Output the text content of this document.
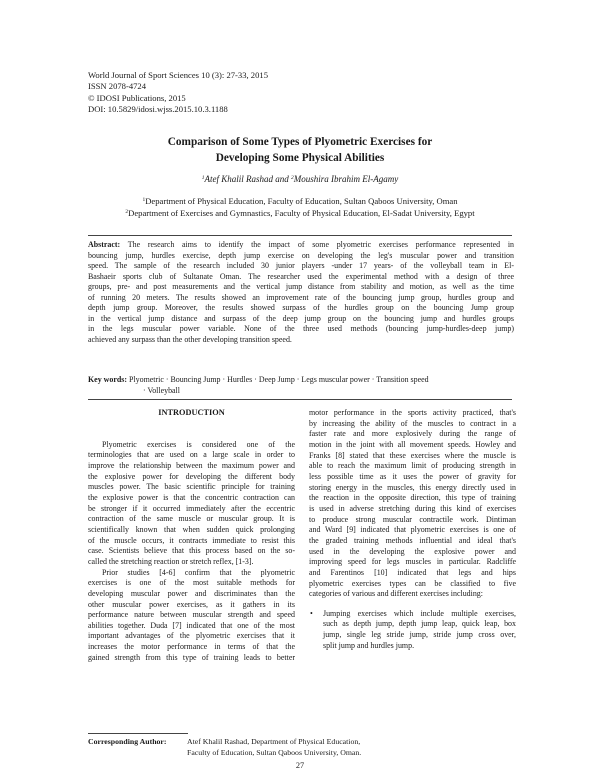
World Journal of Sport Sciences 10 (3): 27-33, 2015
ISSN 2078-4724
© IDOSI Publications, 2015
DOI: 10.5829/idosi.wjss.2015.10.3.1188
Comparison of Some Types of Plyometric Exercises for
Developing Some Physical Abilities
$^1$Atef Khalil Rashad and $^2$Moushira Ibrahim El-Agamy
$^1$Department of Physical Education, Faculty of Education, Sultan Qaboos University, Oman
$^2$Department of Exercises and Gymnastics, Faculty of Physical Education, El-Sadat University, Egypt
Abstract: The research aims to identify the impact of some plyometric exercises performance represented in
bouncing jump, hurdles exercise, depth jump exercise on developing the leg's muscular power and transition
speed. The sample of the research included 30 junior players -under 17 years- of the volleyball team in El-
Bashaeir sports club of Sultanate Oman. The researcher used the experimental method with a design of three
groups, pre- and post measurements and the vertical jump distance from stability and motion, as well as the time
of running 20 meters. The results showed an improvement rate of the bouncing jump group, hurdles group and
depth jump group. Moreover, the results showed surpass of the hurdles group on the bouncing Jump group
in the vertical jump distance and surpass of the deep jump group on the bouncing jump and hurdles groups
in the legs muscular power variable. None of the three used methods (bouncing jump-hurdles-deep jump)
achieved any surpass than the other developing transition speed.
Key words: Plyometric · Bouncing Jump · Hurdles · Deep Jump · Legs muscular power · Transition speed
· Volleyball
INTRODUCTION
Plyometric exercises is considered one of the
terminologies that are used on a large scale in order to
improve the relationship between the maximum power and
the explosive power for developing the different body
muscles power. The basic scientific principle for training
the explosive power is that the concentric contraction can
be stronger if it occurred immediately after the eccentric
contraction of the same muscle or muscular group. It is
scientifically known that when sudden quick prolonging
of the muscle occurs, it contracts immediate to resist this
case. Scientists believe that this process based on the so-
called the stretching reaction or stretch reflex, [1-3].
Prior studies [4-6] confirm that the plyometric
exercises is one of the most suitable methods for
developing muscular power and discriminates than the
other muscular power exercises, as it gathers in its
performance nature between muscular strength and speed
abilities together. Duda [7] indicated that one of the most
important advantages of the plyometric exercises that it
increases the motor performance in terms of that the
gained strength from this type of training leads to better
motor performance in the sports activity practiced, that's
by increasing the ability of the muscles to contract in a
faster rate and more explosively during the range of
motion in the joint with all movement speeds. Howley and
Franks [8] stated that these exercises where the muscle is
able to reach the maximum limit of producing strength in
less possible time as it uses the power of gravity for
storing energy in the muscles, this energy directly used in
the reaction in the opposite direction, this type of training
is used in adverse stretching during this kind of exercises
to produce strong muscular contractile work. Dintiman
and Ward [9] indicated that plyometric exercises is one of
the graded training methods influential and ideal that's
used in the developing the explosive power and
improving speed for legs muscles in particular. Radcliffe
and Farentinos [10] indicated that legs and hips
plyometric exercises types can be classified to five
categories of various and different exercises including:
• Jumping exercises which include multiple exercises,
such as depth jump, depth jump leap, quick leap, box
jump, single leg stride jump, stride jump cross over,
split jump and hurdles jump.
Corresponding Author:	Atef Khalil Rashad, Department of Physical Education,
Faculty of Education, Sultan Qaboos University, Oman.
27
